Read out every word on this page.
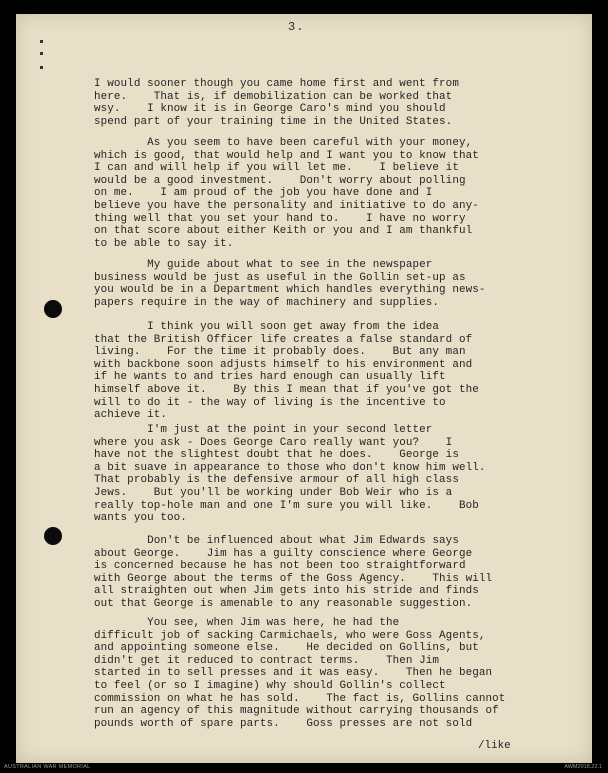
3.
I would sooner though you came home first and went from
here.    That is, if demobilization can be worked that
wsy.    I know it is in George Caro's mind you should
spend part of your training time in the United States.
As you seem to have been careful with your money,
which is good, that would help and I want you to know that
I can and will help if you will let me.    I believe it
would be a good investment.    Don't worry about polling
on me.    I am proud of the job you have done and I
believe you have the personality and initiative to do any-
thing well that you set your hand to.    I have no worry
on that score about either Keith or you and I am thankful
to be able to say it.
My guide about what to see in the newspaper
business would be just as useful in the Gollin set-up as
you would be in a Department which handles everything news-
papers require in the way of machinery and supplies.
I think you will soon get away from the idea
that the British Officer life creates a false standard of
living.    For the time it probably does.    But any man
with backbone soon adjusts himself to his environment and
if he wants to and tries hard enough can usually lift
himself above it.    By this I mean that if you've got the
will to do it - the way of living is the incentive to
achieve it.
I'm just at the point in your second letter
where you ask - Does George Caro really want you?    I
have not the slightest doubt that he does.    George is
a bit suave in appearance to those who don't know him well.
That probably is the defensive armour of all high class
Jews.    But you'll be working under Bob Weir who is a
really top-hole man and one I'm sure you will like.    Bob
wants you too.
Don't be influenced about what Jim Edwards says
about George.    Jim has a guilty conscience where George
is concerned because he has not been too straightforward
with George about the terms of the Goss Agency.    This will
all straighten out when Jim gets into his stride and finds
out that George is amenable to any reasonable suggestion.
You see, when Jim was here, he had the
difficult job of sacking Carmichaels, who were Goss Agents,
and appointing someone else.    He decided on Gollins, but
didn't get it reduced to contract terms.    Then Jim
started in to sell presses and it was easy.    Then he began
to feel (or so I imagine) why should Gollin's collect
commission on what he has sold.    The fact is, Gollins cannot
run an agency of this magnitude without carrying thousands of
pounds worth of spare parts.    Goss presses are not sold
/like
AUSTRALIAN WAR MEMORIAL	AWM2018.22.1
